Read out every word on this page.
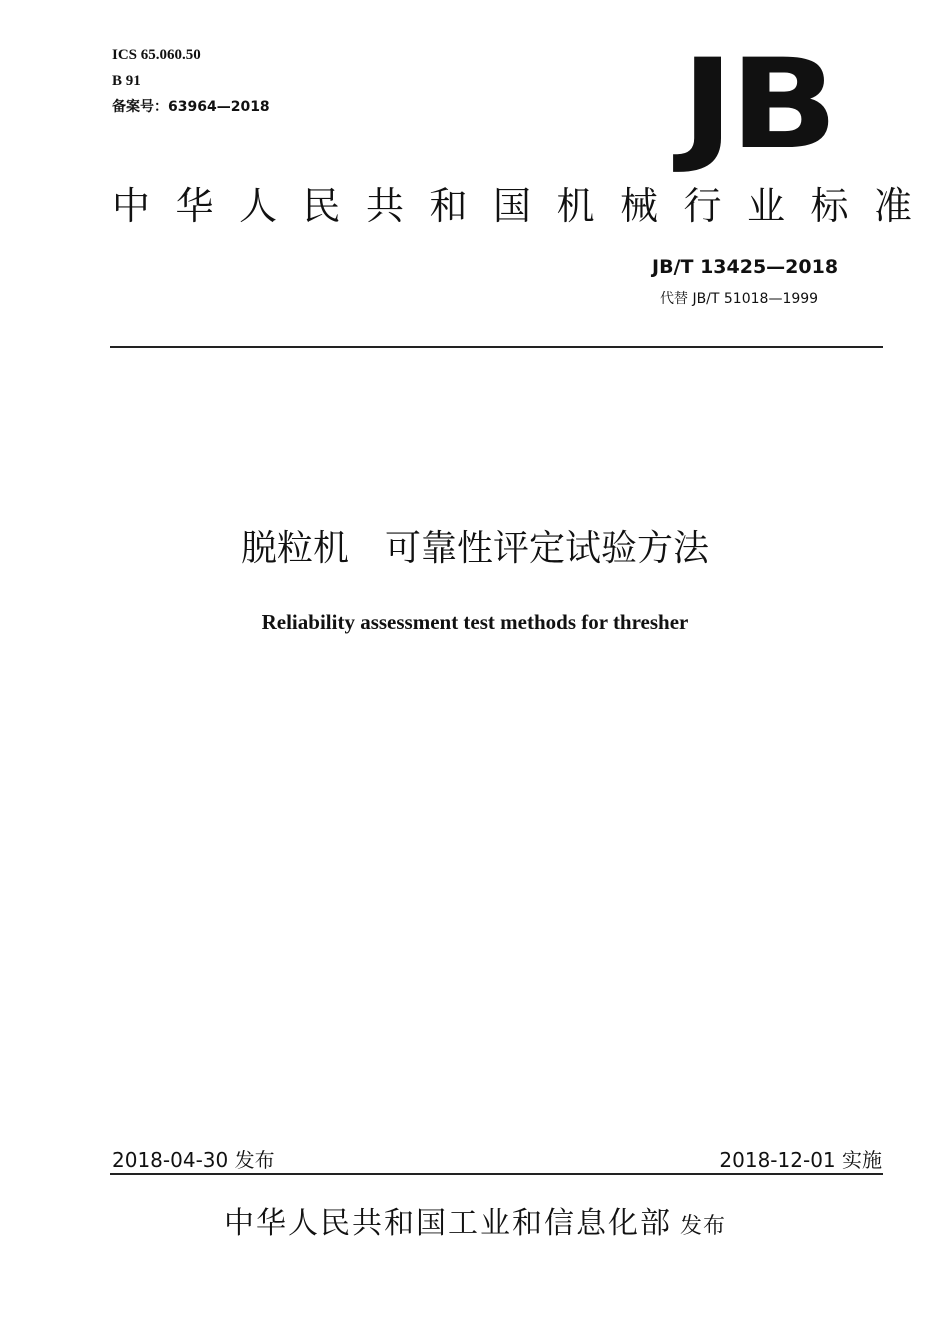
ICS 65.060.50
B 91
备案号：63964—2018	JB
中华人民共和国机械行业标准
JB/T 13425—2018
代替 JB/T 51018—1999
脱粒机　可靠性评定试验方法
Reliability assessment test methods for thresher
2018-04-30 发布	2018-12-01 实施
中华人民共和国工业和信息化部 发布
